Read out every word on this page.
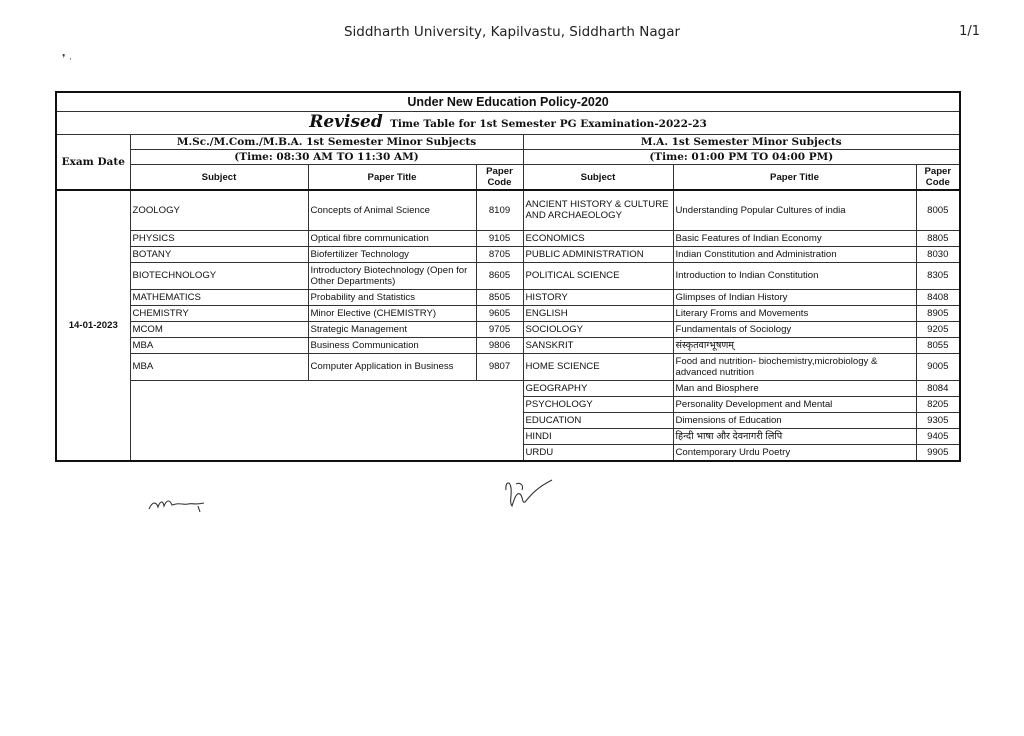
Siddharth University, Kapilvastu, Siddharth Nagar	1/1
❜ ·
Under New Education Policy-2020						
Revised Time Table for 1st Semester PG Examination-2022-23						
Exam Date	M.Sc./M.Com./M.B.A. 1st Semester Minor Subjects			M.A. 1st Semester Minor Subjects		
	(Time: 08:30 AM TO 11:30 AM)			(Time: 01:00 PM TO 04:00 PM)		
	Subject	Paper Title	Paper Code	Subject	Paper Title	Paper Code
14-01-2023	ZOOLOGY	Concepts of Animal Science	8109	ANCIENT HISTORY & CULTURE AND ARCHAEOLOGY	Understanding Popular Cultures of india	8005
	PHYSICS	Optical fibre communication	9105	ECONOMICS	Basic Features of Indian Economy	8805
	BOTANY	Biofertilizer Technology	8705	PUBLIC ADMINISTRATION	Indian Constitution and Administration	8030
	BIOTECHNOLOGY	Introductory Biotechnology (Open for Other Departments)	8605	POLITICAL SCIENCE	Introduction to Indian Constitution	8305
	MATHEMATICS	Probability and Statistics	8505	HISTORY	Glimpses of Indian History	8408
	CHEMISTRY	Minor Elective (CHEMISTRY)	9605	ENGLISH	Literary Froms and Movements	8905
	MCOM	Strategic Management	9705	SOCIOLOGY	Fundamentals of Sociology	9205
	MBA	Business Communication	9806	SANSKRIT	संस्कृतवाग्भूषणम्	8055
	MBA	Computer Application in Business	9807	HOME SCIENCE	Food and nutrition- biochemistry,microbiology & advanced nutrition	9005
				GEOGRAPHY	Man and Biosphere	8084
				PSYCHOLOGY	Personality Development and Mental	8205
				EDUCATION	Dimensions of Education	9305
				HINDI	हिन्दी भाषा और देवनागरी लिपि	9405
				URDU	Contemporary Urdu Poetry	9905
